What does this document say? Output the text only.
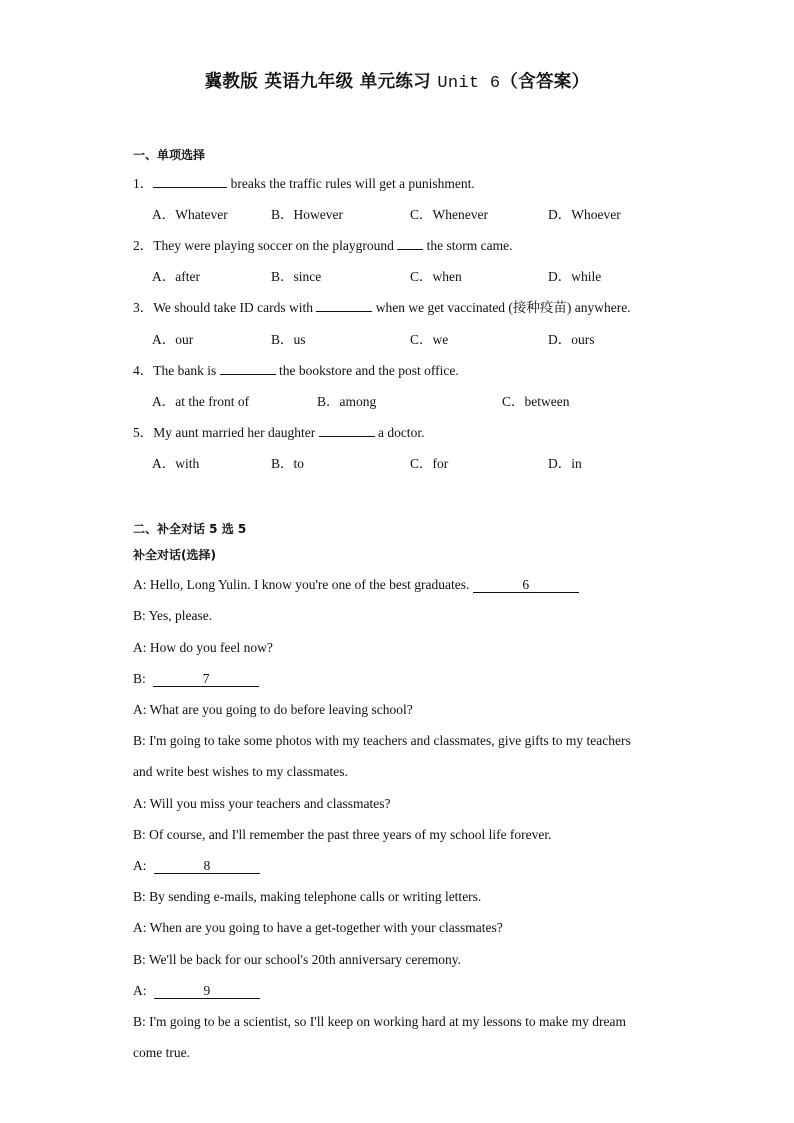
冀教版 英语九年级 单元练习 Unit 6（含答案）
一、单项选择
1．	breaks the traffic rules will get a punishment.
A．Whatever	B．However	C．Whenever	D．Whoever
2．They were playing soccer on the playground  the storm came.
A．after	B．since	C．when	D．while
3．We should take ID cards with	when we get vaccinated (接种疫苗) anywhere.
A．our	B．us	C．we	D．ours
4．The bank is	the bookstore and the post office.
A．at the front of	B．among	C．between
5．My aunt married her daughter	a doctor.
A．with	B．to	C．for	D．in
二、补全对话 5 选 5
补全对话(选择)
A: Hello, Long Yulin. I know you're one of the best graduates.	6
B: Yes, please.
A: How do you feel now?
B:	7
A: What are you going to do before leaving school?
B: I'm going to take some photos with my teachers and classmates, give gifts to my teachers
and write best wishes to my classmates.
A: Will you miss your teachers and classmates?
B: Of course, and I'll remember the past three years of my school life forever.
A:	8
B: By sending e-mails, making telephone calls or writing letters.
A: When are you going to have a get-together with your classmates?
B: We'll be back for our school's 20th anniversary ceremony.
A:	9
B: I'm going to be a scientist, so I'll keep on working hard at my lessons to make my dream
come true.
